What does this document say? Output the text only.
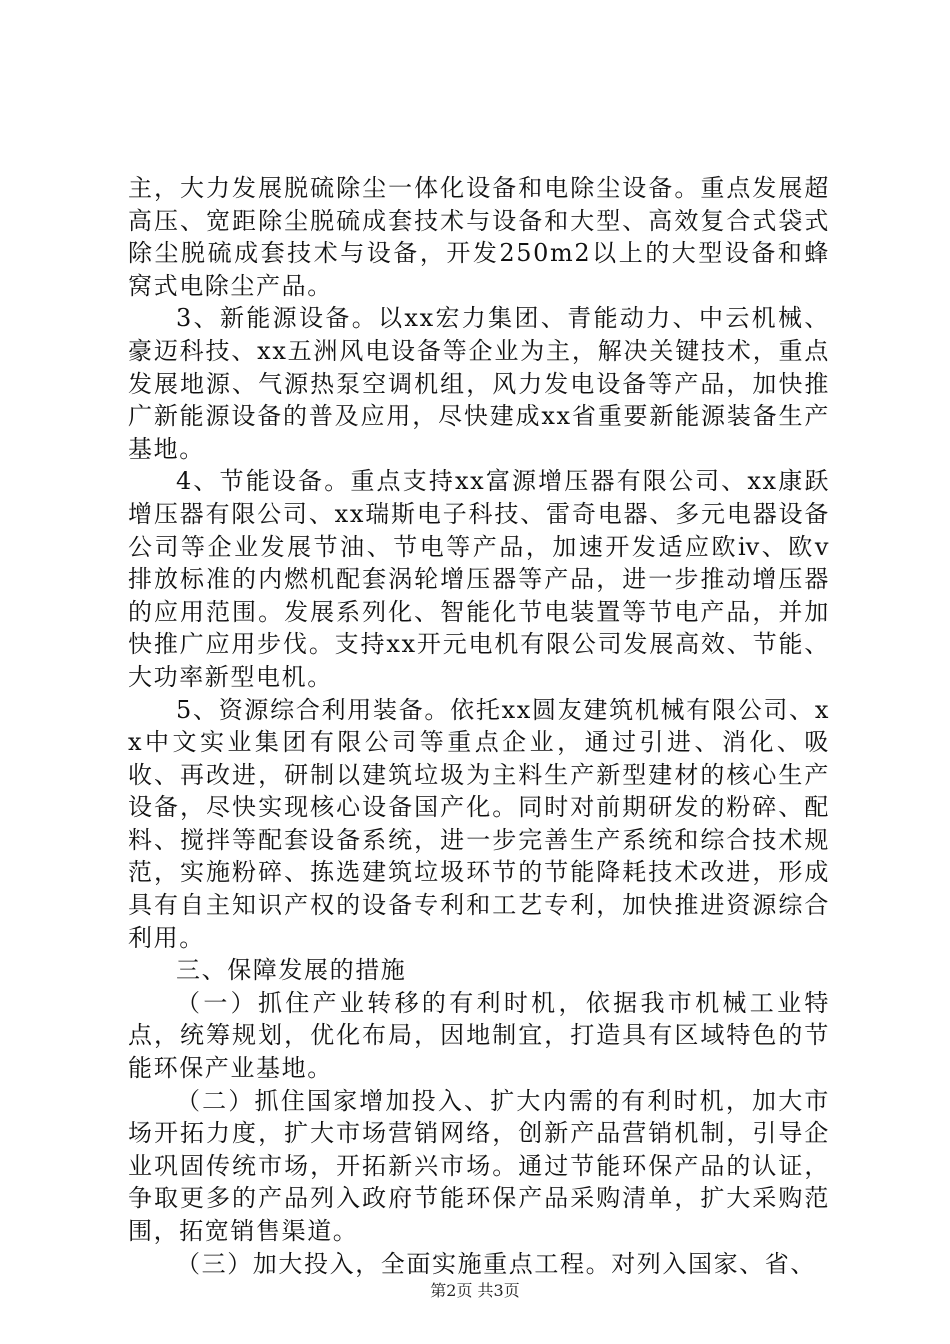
主，大力发展脱硫除尘一体化设备和电除尘设备。重点发展超高压、宽距除尘脱硫成套技术与设备和大型、高效复合式袋式除尘脱硫成套技术与设备，开发250m2以上的大型设备和蜂窝式电除尘产品。

3、新能源设备。以xx宏力集团、青能动力、中云机械、豪迈科技、xx五洲风电设备等企业为主，解决关键技术，重点发展地源、气源热泵空调机组，风力发电设备等产品，加快推广新能源设备的普及应用，尽快建成xx省重要新能源装备生产基地。

4、节能设备。重点支持xx富源增压器有限公司、xx康跃增压器有限公司、xx瑞斯电子科技、雷奇电器、多元电器设备公司等企业发展节油、节电等产品，加速开发适应欧ⅳ、欧ⅴ排放标准的内燃机配套涡轮增压器等产品，进一步推动增压器的应用范围。发展系列化、智能化节电装置等节电产品，并加快推广应用步伐。支持xx开元电机有限公司发展高效、节能、大功率新型电机。

5、资源综合利用装备。依托xx圆友建筑机械有限公司、xx中文实业集团有限公司等重点企业，通过引进、消化、吸收、再改进，研制以建筑垃圾为主料生产新型建材的核心生产设备，尽快实现核心设备国产化。同时对前期研发的粉碎、配料、搅拌等配套设备系统，进一步完善生产系统和综合技术规范，实施粉碎、拣选建筑垃圾环节的节能降耗技术改进，形成具有自主知识产权的设备专利和工艺专利，加快推进资源综合利用。

三、保障发展的措施

（一）抓住产业转移的有利时机，依据我市机械工业特点，统筹规划，优化布局，因地制宜，打造具有区域特色的节能环保产业基地。

（二）抓住国家增加投入、扩大内需的有利时机，加大市场开拓力度，扩大市场营销网络，创新产品营销机制，引导企业巩固传统市场，开拓新兴市场。通过节能环保产品的认证，争取更多的产品列入政府节能环保产品采购清单，扩大采购范围，拓宽销售渠道。

（三）加大投入，全面实施重点工程。对列入国家、省、

第2页 共3页
